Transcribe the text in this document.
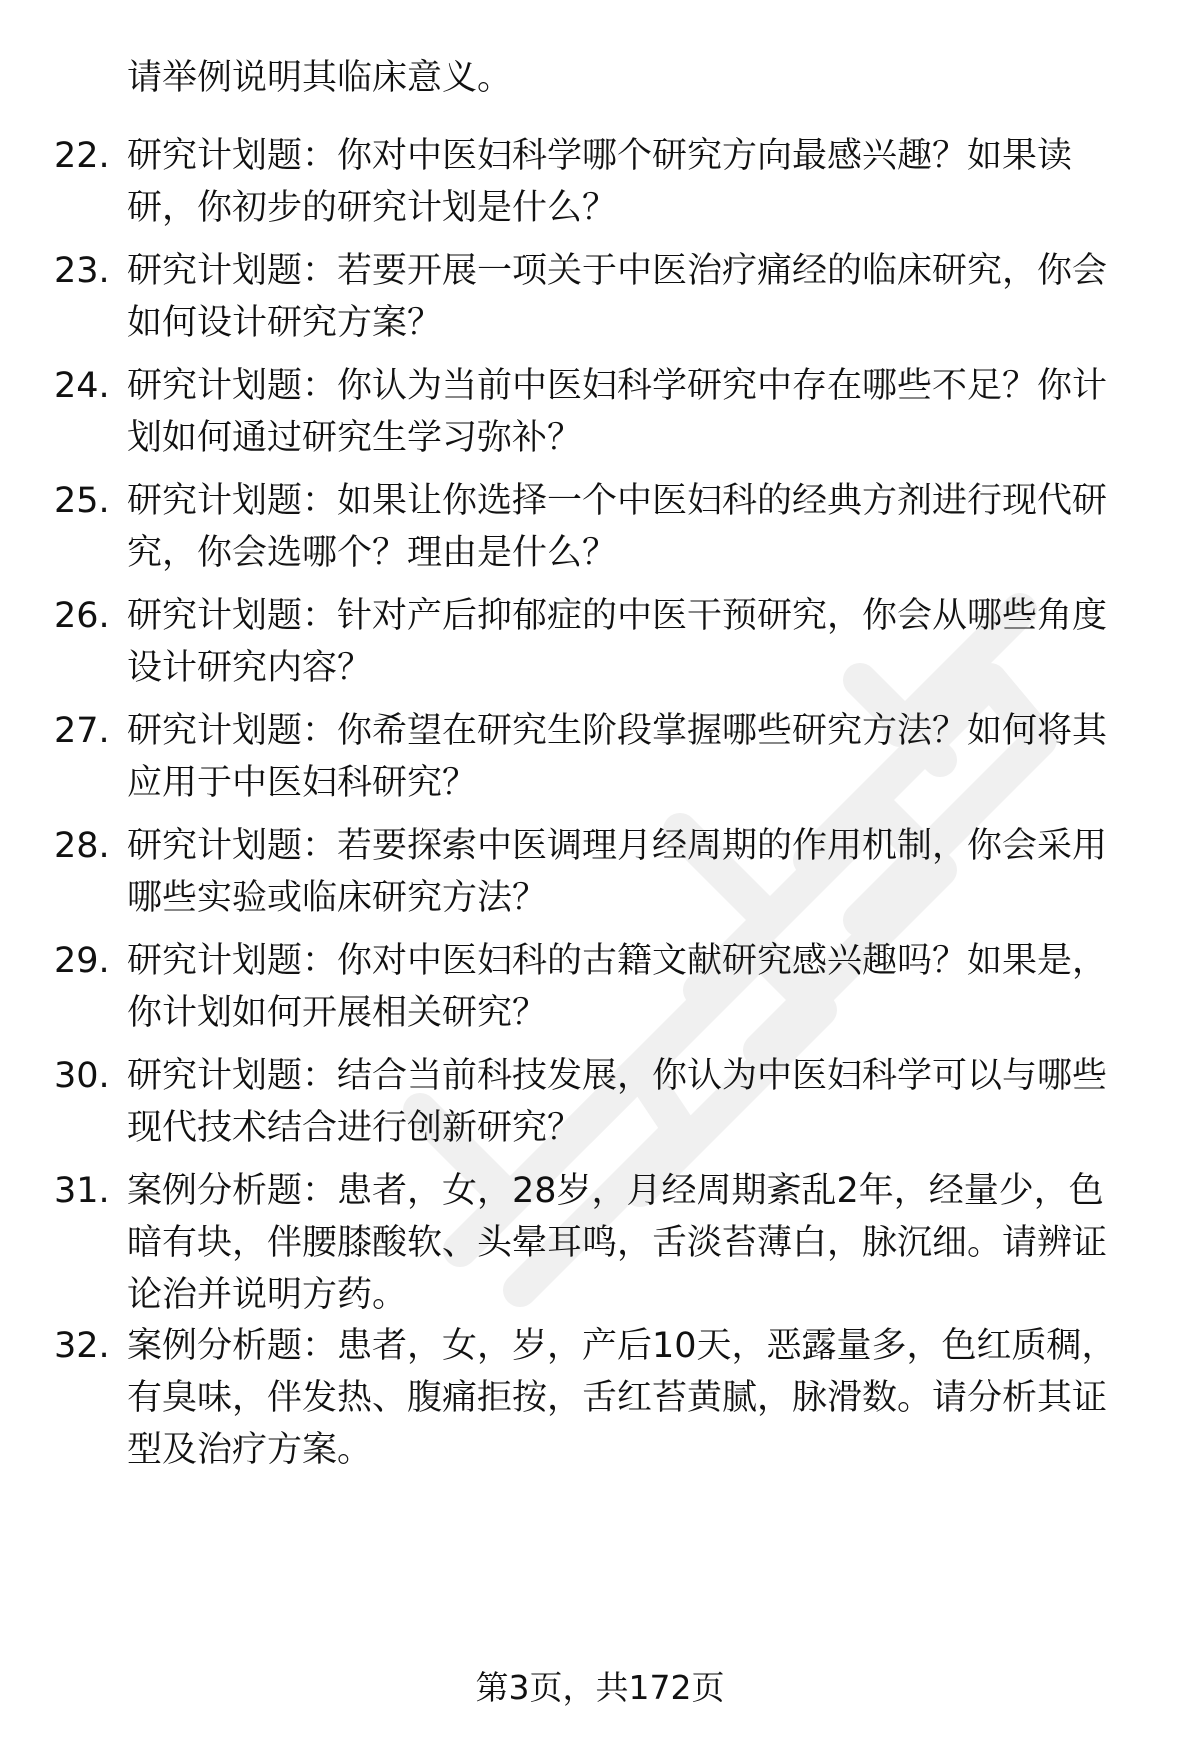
请举例说明其临床意义。

22. 研究计划题：你对中医妇科学哪个研究方向最感兴趣？如果读
研，你初步的研究计划是什么？
23. 研究计划题：若要开展一项关于中医治疗痛经的临床研究，你会
如何设计研究方案？
24. 研究计划题：你认为当前中医妇科学研究中存在哪些不足？你计
划如何通过研究生学习弥补？
25. 研究计划题：如果让你选择一个中医妇科的经典方剂进行现代研
究，你会选哪个？理由是什么？
26. 研究计划题：针对产后抑郁症的中医干预研究，你会从哪些角度
设计研究内容？
27. 研究计划题：你希望在研究生阶段掌握哪些研究方法？如何将其
应用于中医妇科研究？
28. 研究计划题：若要探索中医调理月经周期的作用机制，你会采用
哪些实验或临床研究方法？
29. 研究计划题：你对中医妇科的古籍文献研究感兴趣吗？如果是，
你计划如何开展相关研究？
30. 研究计划题：结合当前科技发展，你认为中医妇科学可以与哪些
现代技术结合进行创新研究？
31. 案例分析题：患者，女，28岁，月经周期紊乱2年，经量少，色
暗有块，伴腰膝酸软、头晕耳鸣，舌淡苔薄白，脉沉细。请辨证
论治并说明方药。
32. 案例分析题：患者，女，岁，产后10天，恶露量多，色红质稠，
有臭味，伴发热、腹痛拒按，舌红苔黄腻，脉滑数。请分析其证
型及治疗方案。
第3页，共172页
